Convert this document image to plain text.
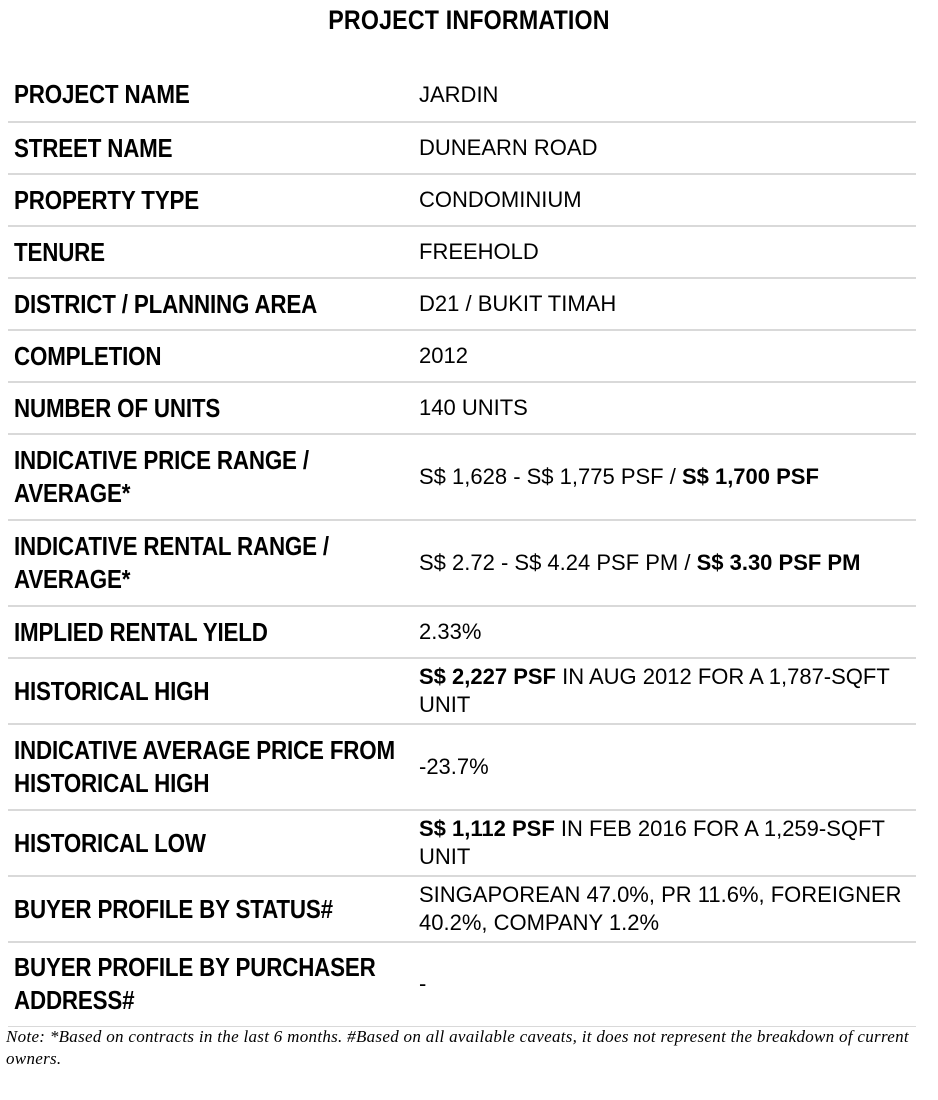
PROJECT INFORMATION
PROJECT NAME	JARDIN
STREET NAME	DUNEARN ROAD
PROPERTY TYPE	CONDOMINIUM
TENURE	FREEHOLD
DISTRICT / PLANNING AREA	D21 / BUKIT TIMAH
COMPLETION	2012
NUMBER OF UNITS	140 UNITS
INDICATIVE PRICE RANGE / AVERAGE*	S$ 1,628 - S$ 1,775 PSF / S$ 1,700 PSF
INDICATIVE RENTAL RANGE / AVERAGE*	S$ 2.72 - S$ 4.24 PSF PM / S$ 3.30 PSF PM
IMPLIED RENTAL YIELD	2.33%
HISTORICAL HIGH	S$ 2,227 PSF IN AUG 2012 FOR A 1,787-SQFT UNIT
INDICATIVE AVERAGE PRICE FROM HISTORICAL HIGH	-23.7%
HISTORICAL LOW	S$ 1,112 PSF IN FEB 2016 FOR A 1,259-SQFT UNIT
BUYER PROFILE BY STATUS#	SINGAPOREAN 47.0%, PR 11.6%, FOREIGNER 40.2%, COMPANY 1.2%
BUYER PROFILE BY PURCHASER ADDRESS#	-
Note: *Based on contracts in the last 6 months. #Based on all available caveats, it does not represent the breakdown of current owners.
